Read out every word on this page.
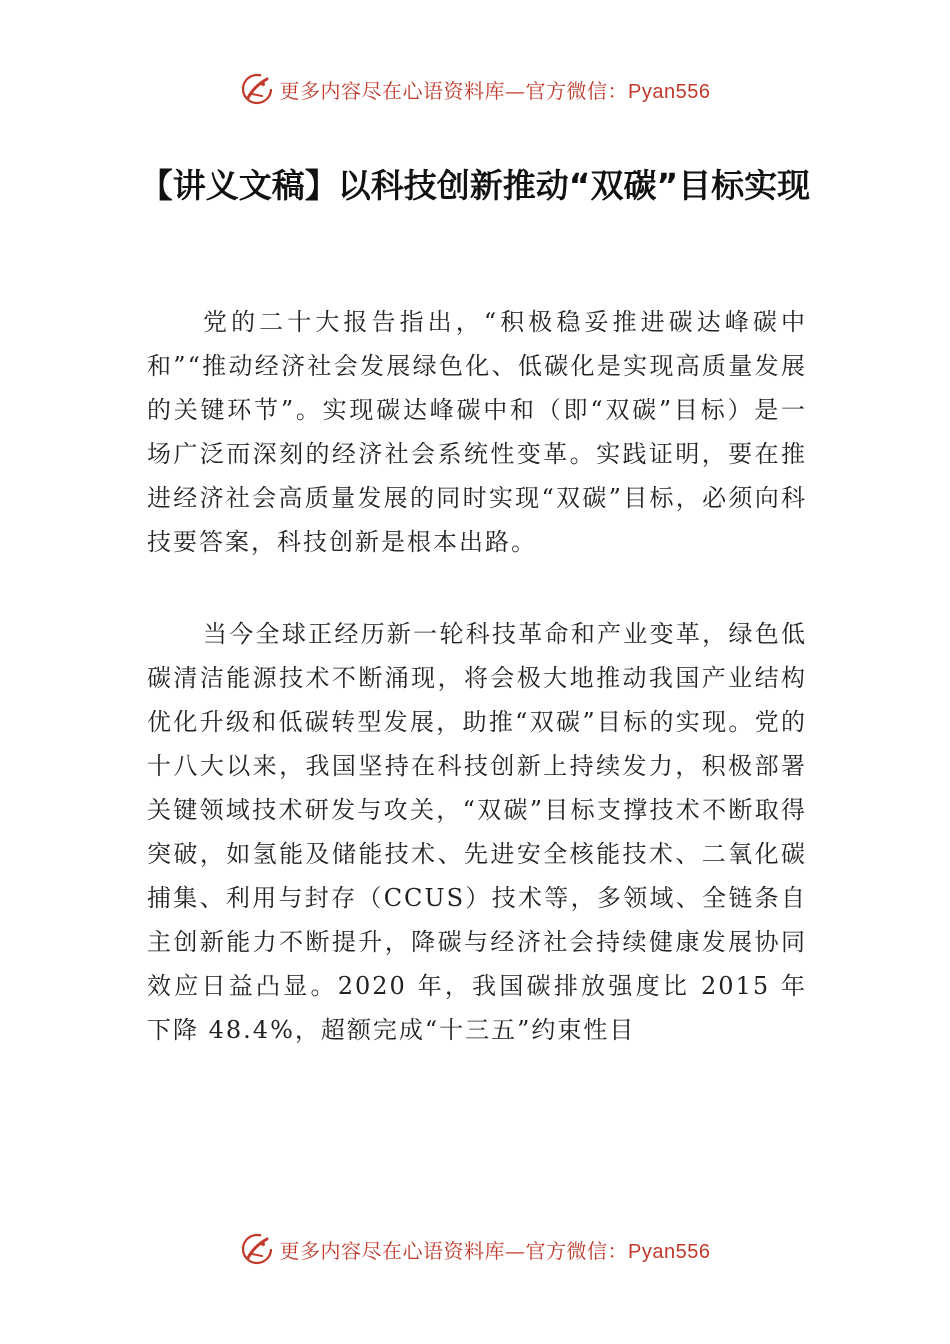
更多内容尽在心语资料库—官方微信：Pyan556
【讲义文稿】以科技创新推动“双碳”目标实现

党的二十大报告指出，“积极稳妥推进碳达峰碳中和”“推动经济社会发展绿色化、低碳化是实现高质量发展的关键环节”。实现碳达峰碳中和（即“双碳”目标）是一场广泛而深刻的经济社会系统性变革。实践证明，要在推进经济社会高质量发展的同时实现“双碳”目标，必须向科技要答案，科技创新是根本出路。

当今全球正经历新一轮科技革命和产业变革，绿色低碳清洁能源技术不断涌现，将会极大地推动我国产业结构优化升级和低碳转型发展，助推“双碳”目标的实现。党的十八大以来，我国坚持在科技创新上持续发力，积极部署关键领域技术研发与攻关，“双碳”目标支撑技术不断取得突破，如氢能及储能技术、先进安全核能技术、二氧化碳捕集、利用与封存（CCUS）技术等，多领域、全链条自主创新能力不断提升，降碳与经济社会持续健康发展协同效应日益凸显。2020 年，我国碳排放强度比 2015 年下降 48.4%，超额完成“十三五”约束性目

更多内容尽在心语资料库—官方微信：Pyan556
